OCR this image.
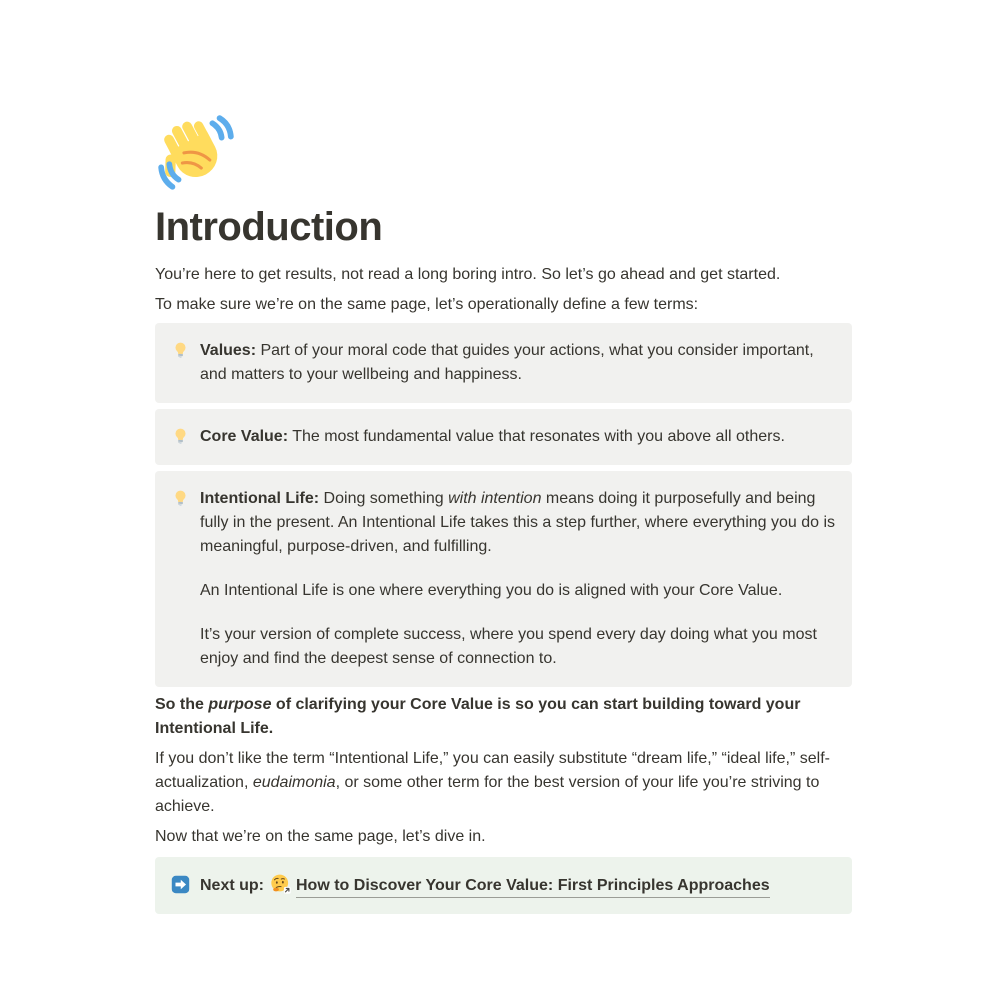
Introduction

You’re here to get results, not read a long boring intro. So let’s go ahead and get started.

To make sure we’re on the same page, let’s operationally define a few terms:

Values: Part of your moral code that guides your actions, what you consider important, and matters to your wellbeing and happiness.

Core Value: The most fundamental value that resonates with you above all others.

Intentional Life: Doing something with intention means doing it purposefully and being fully in the present. An Intentional Life takes this a step further, where everything you do is meaningful, purpose-driven, and fulfilling.

An Intentional Life is one where everything you do is aligned with your Core Value.

It’s your version of complete success, where you spend every day doing what you most enjoy and find the deepest sense of connection to.

So the purpose of clarifying your Core Value is so you can start building toward your Intentional Life.

If you don’t like the term “Intentional Life,” you can easily substitute “dream life,” “ideal life,” self-actualization, eudaimonia, or some other term for the best version of your life you’re striving to achieve.

Now that we’re on the same page, let’s dive in.

Next up: How to Discover Your Core Value: First Principles Approaches
